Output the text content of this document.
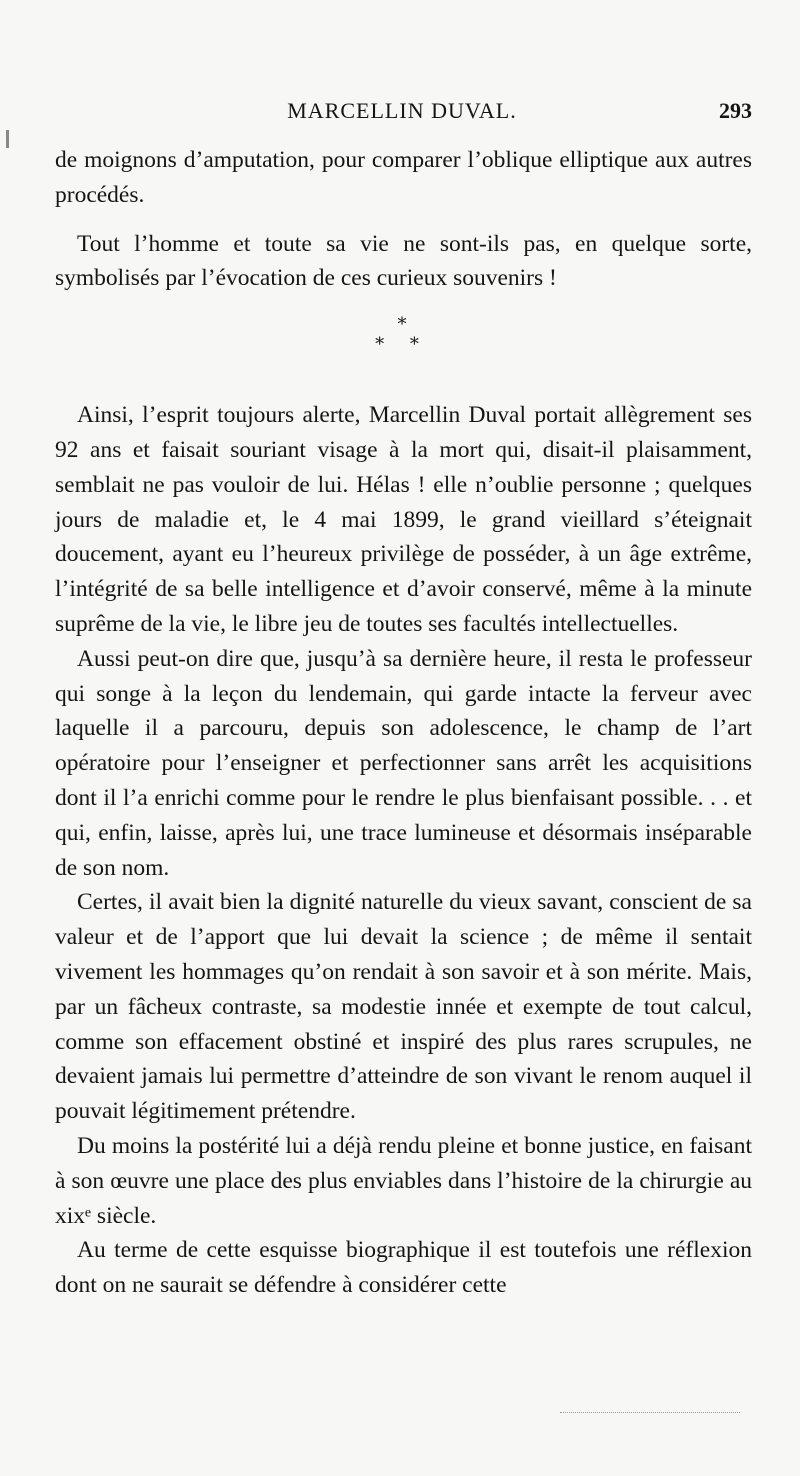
MARCELLIN DUVAL.	293

de moignons d’amputation, pour comparer l’oblique elliptique aux autres procédés.

Tout l’homme et toute sa vie ne sont-ils pas, en quelque sorte, symbolisés par l’évocation de ces curieux souvenirs !

Ainsi, l’esprit toujours alerte, Marcellin Duval portait allègrement ses 92 ans et faisait souriant visage à la mort qui, disait-il plaisamment, semblait ne pas vouloir de lui. Hélas ! elle n’oublie personne ; quelques jours de maladie et, le 4 mai 1899, le grand vieillard s’éteignait doucement, ayant eu l’heureux privilège de posséder, à un âge extrême, l’intégrité de sa belle intelligence et d’avoir conservé, même à la minute suprême de la vie, le libre jeu de toutes ses facultés intellectuelles.

Aussi peut-on dire que, jusqu’à sa dernière heure, il resta le professeur qui songe à la leçon du lendemain, qui garde intacte la ferveur avec laquelle il a parcouru, depuis son adolescence, le champ de l’art opératoire pour l’enseigner et perfectionner sans arrêt les acquisitions dont il l’a enrichi comme pour le rendre le plus bienfaisant possible. . . et qui, enfin, laisse, après lui, une trace lumineuse et désormais inséparable de son nom.

Certes, il avait bien la dignité naturelle du vieux savant, conscient de sa valeur et de l’apport que lui devait la science ; de même il sentait vivement les hommages qu’on rendait à son savoir et à son mérite. Mais, par un fâcheux contraste, sa modestie innée et exempte de tout calcul, comme son effacement obstiné et inspiré des plus rares scrupules, ne devaient jamais lui permettre d’atteindre de son vivant le renom auquel il pouvait légitimement prétendre.

Du moins la postérité lui a déjà rendu pleine et bonne justice, en faisant à son œuvre une place des plus enviables dans l’histoire de la chirurgie au xixᵉ siècle.

Au terme de cette esquisse biographique il est toutefois une réflexion dont on ne saurait se défendre à considérer cette

*
* *
